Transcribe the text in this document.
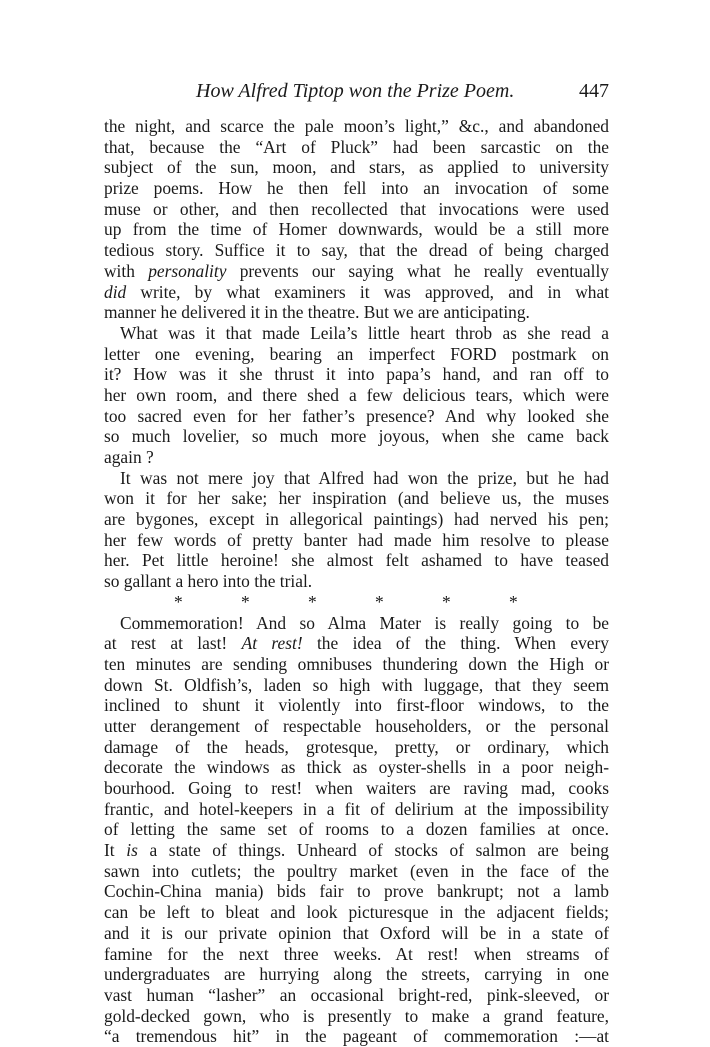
How Alfred Tiptop won the Prize Poem.	447
the night, and scarce the pale moon’s light,” &c., and abandoned
that, because the “Art of Pluck” had been sarcastic on the
subject of the sun, moon, and stars, as applied to university
prize poems. How he then fell into an invocation of some
muse or other, and then recollected that invocations were used
up from the time of Homer downwards, would be a still more
tedious story. Suffice it to say, that the dread of being charged
with personality prevents our saying what he really eventually
did write, by what examiners it was approved, and in what
manner he delivered it in the theatre. But we are anticipating.
What was it that made Leila’s little heart throb as she read a
letter one evening, bearing an imperfect FORD postmark on
it? How was it she thrust it into papa’s hand, and ran off to
her own room, and there shed a few delicious tears, which were
too sacred even for her father’s presence? And why looked she
so much lovelier, so much more joyous, when she came back
again ?
It was not mere joy that Alfred had won the prize, but he had
won it for her sake; her inspiration (and believe us, the muses
are bygones, except in allegorical paintings) had nerved his pen;
her few words of pretty banter had made him resolve to please
her. Pet little heroine! she almost felt ashamed to have teased
so gallant a hero into the trial.
*	*	*	*	*	*
Commemoration! And so Alma Mater is really going to be
at rest at last! At rest! the idea of the thing. When every
ten minutes are sending omnibuses thundering down the High or
down St. Oldfish’s, laden so high with luggage, that they seem
inclined to shunt it violently into first-floor windows, to the
utter derangement of respectable householders, or the personal
damage of the heads, grotesque, pretty, or ordinary, which
decorate the windows as thick as oyster-shells in a poor neigh-
bourhood. Going to rest! when waiters are raving mad, cooks
frantic, and hotel-keepers in a fit of delirium at the impossibility
of letting the same set of rooms to a dozen families at once.
It is a state of things. Unheard of stocks of salmon are being
sawn into cutlets; the poultry market (even in the face of the
Cochin-China mania) bids fair to prove bankrupt; not a lamb
can be left to bleat and look picturesque in the adjacent fields;
and it is our private opinion that Oxford will be in a state of
famine for the next three weeks. At rest! when streams of
undergraduates are hurrying along the streets, carrying in one
vast human “lasher” an occasional bright-red, pink-sleeved, or
gold-decked gown, who is presently to make a grand feature,
“a tremendous hit” in the pageant of commemoration :—at
